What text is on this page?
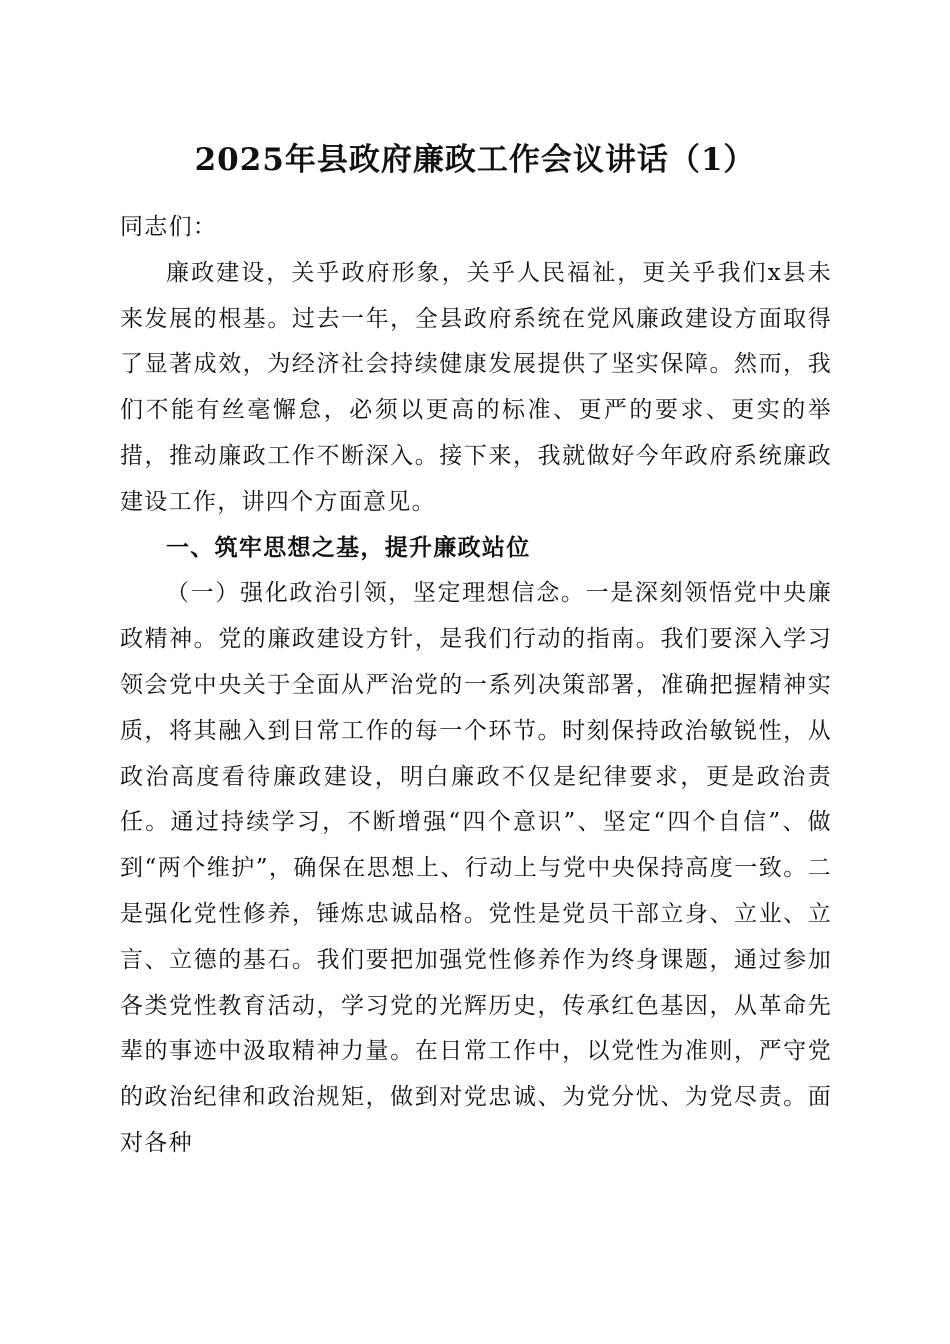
2025年县政府廉政工作会议讲话（1）

同志们：

廉政建设，关乎政府形象，关乎人民福祉，更关乎我们x县未来发展的根基。过去一年，全县政府系统在党风廉政建设方面取得了显著成效，为经济社会持续健康发展提供了坚实保障。然而，我们不能有丝毫懈怠，必须以更高的标准、更严的要求、更实的举措，推动廉政工作不断深入。接下来，我就做好今年政府系统廉政建设工作，讲四个方面意见。

一、筑牢思想之基，提升廉政站位

（一）强化政治引领，坚定理想信念。一是深刻领悟党中央廉政精神。党的廉政建设方针，是我们行动的指南。我们要深入学习领会党中央关于全面从严治党的一系列决策部署，准确把握精神实质，将其融入到日常工作的每一个环节。时刻保持政治敏锐性，从政治高度看待廉政建设，明白廉政不仅是纪律要求，更是政治责任。通过持续学习，不断增强“四个意识”、坚定“四个自信”、做到“两个维护”，确保在思想上、行动上与党中央保持高度一致。二是强化党性修养，锤炼忠诚品格。党性是党员干部立身、立业、立言、立德的基石。我们要把加强党性修养作为终身课题，通过参加各类党性教育活动，学习党的光辉历史，传承红色基因，从革命先辈的事迹中汲取精神力量。在日常工作中，以党性为准则，严守党的政治纪律和政治规矩，做到对党忠诚、为党分忧、为党尽责。面对各种
